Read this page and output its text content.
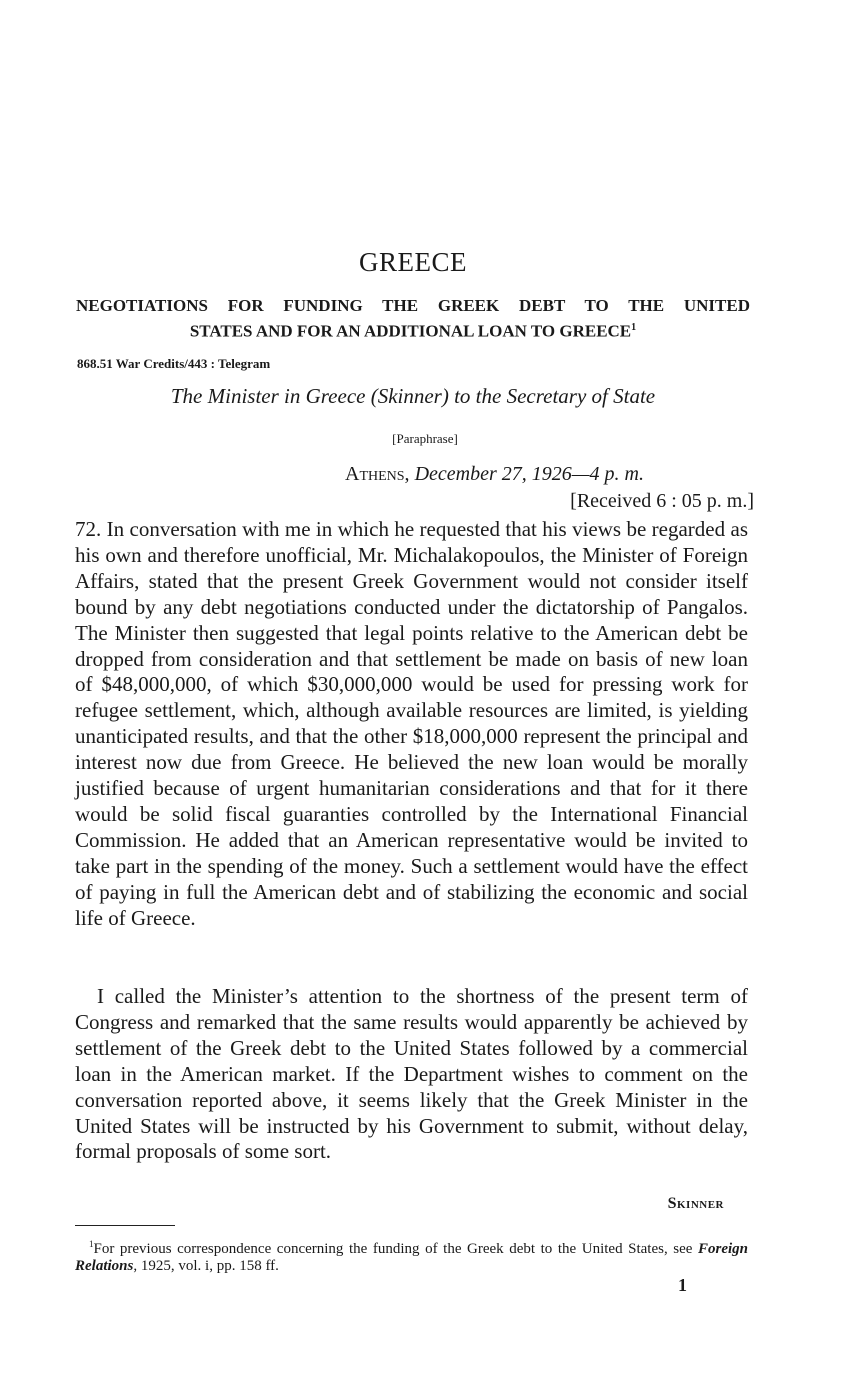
GREECE
NEGOTIATIONS FOR FUNDING THE GREEK DEBT TO THE UNITED
STATES AND FOR AN ADDITIONAL LOAN TO GREECE$^1$
868.51 War Credits/443 : Telegram
The Minister in Greece (Skinner) to the Secretary of State
[Paraphrase]
Athens, December 27, 1926—4 p. m.
[Received 6 : 05 p. m.]

72. In conversation with me in which he requested that his views be regarded as his own and therefore unofficial, Mr. Michalakopoulos, the Minister of Foreign Affairs, stated that the present Greek Government would not consider itself bound by any debt negotiations conducted under the dictatorship of Pangalos. The Minister then suggested that legal points relative to the American debt be dropped from consideration and that settlement be made on basis of new loan of $48,000,000, of which $30,000,000 would be used for pressing work for refugee settlement, which, although available resources are limited, is yielding unanticipated results, and that the other $18,000,000 represent the principal and interest now due from Greece. He believed the new loan would be morally justified because of urgent humanitarian considerations and that for it there would be solid fiscal guaranties controlled by the International Financial Commission. He added that an American representative would be invited to take part in the spending of the money. Such a settlement would have the effect of paying in full the American debt and of stabilizing the economic and social life of Greece.

I called the Minister’s attention to the shortness of the present term of Congress and remarked that the same results would apparently be achieved by settlement of the Greek debt to the United States followed by a commercial loan in the American market. If the Department wishes to comment on the conversation reported above, it seems likely that the Greek Minister in the United States will be instructed by his Government to submit, without delay, formal proposals of some sort.

Skinner

$^1$For previous correspondence concerning the funding of the Greek debt to the United States, see Foreign Relations, 1925, vol. i, pp. 158 ff.

1
